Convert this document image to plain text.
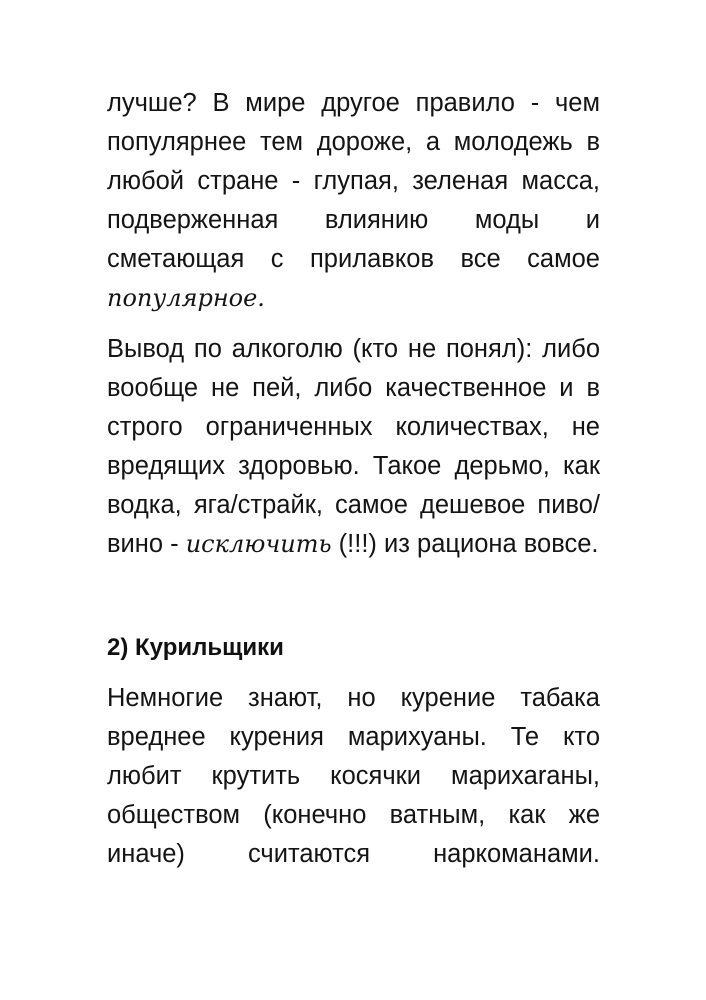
лучше? В мире другое правило - чем популярнее тем дороже, а молодежь в любой стране - глупая, зеленая масса, подверженная влиянию моды и сметающая с прилавков все самое популярное.

Вывод по алкоголю (кто не понял): либо вообще не пей, либо качественное и в строго ограниченных количествах, не вредящих здоровью. Такое дерьмо, как водка, яга/страйк, самое дешевое пиво/вино - исключить (!!!) из рациона вовсе.

2) Курильщики

Немногие знают, но курение табака вреднее курения марихуаны. Те кто любит крутить косячки марихаrаны, обществом (конечно ватным, как же иначе) считаются наркоманами.
